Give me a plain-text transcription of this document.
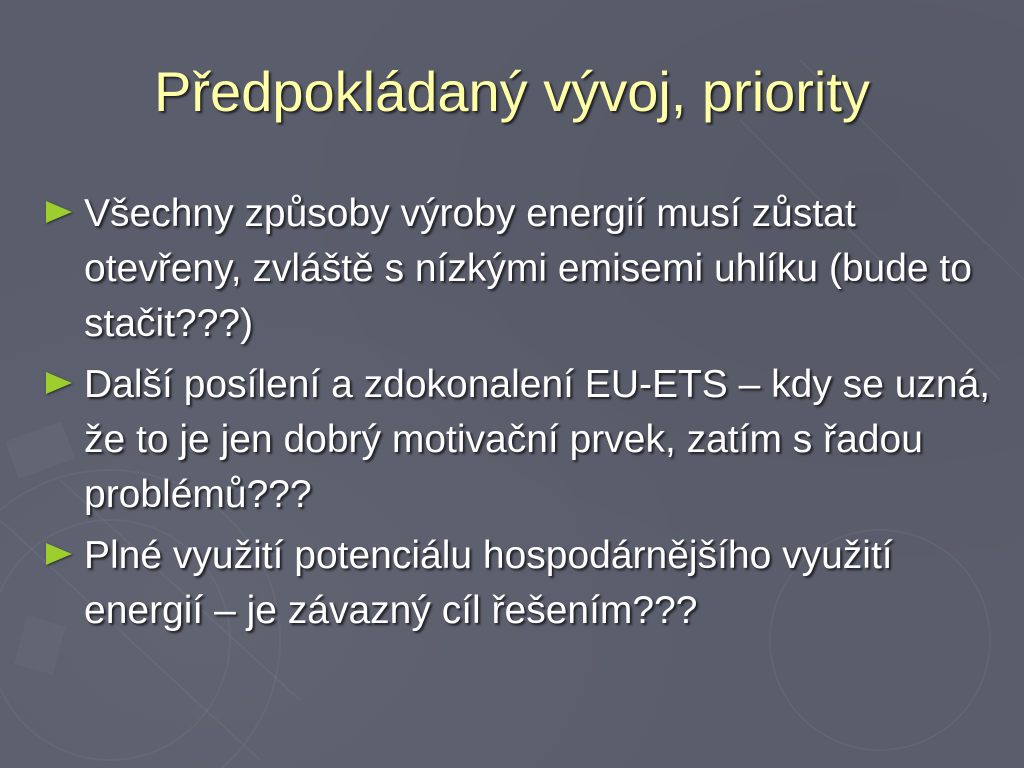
Předpokládaný vývoj, priority
Všechny způsoby výroby energií musí zůstat otevřeny, zvláště s nízkými emisemi uhlíku (bude to stačit???)
Další posílení a zdokonalení EU-ETS – kdy se uzná, že to je jen dobrý motivační prvek, zatím s řadou problémů???
Plné využití potenciálu hospodárnějšího využití energií – je závazný cíl řešením???
